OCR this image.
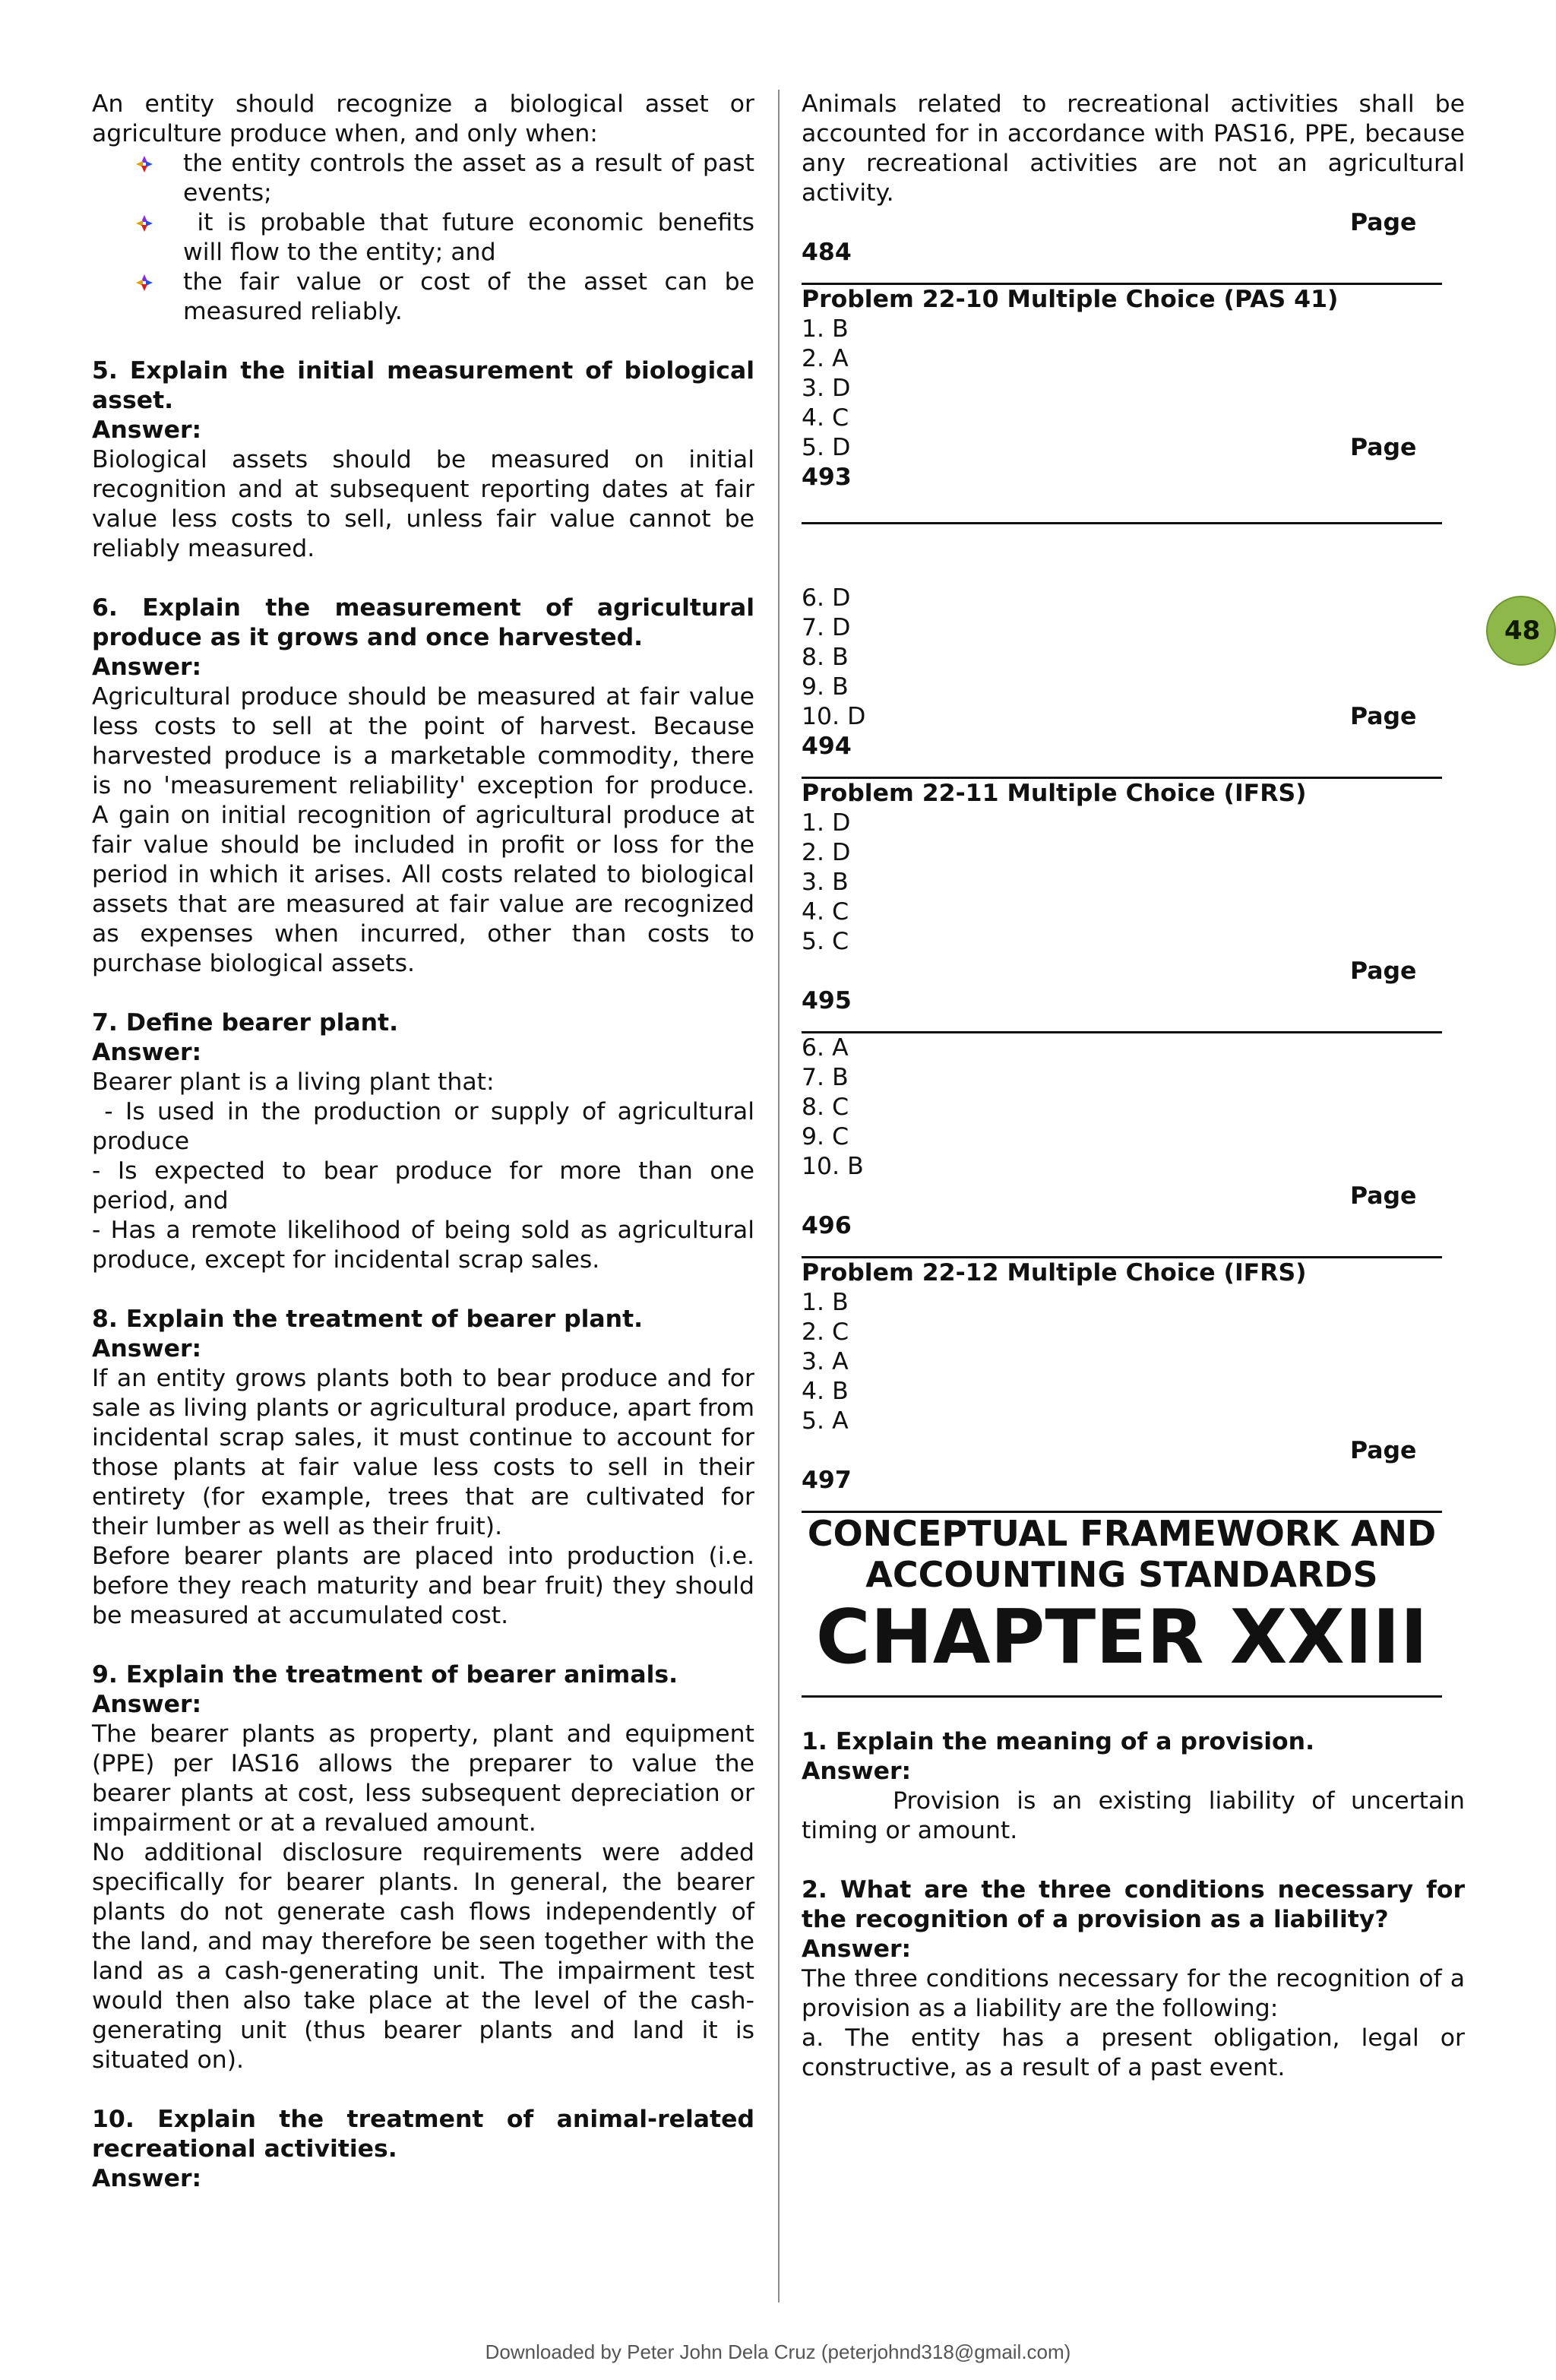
An entity should recognize a biological asset or agriculture produce when, and only when:

the entity controls the asset as a result of past events;
it is probable that future economic benefits will flow to the entity; and
the fair value or cost of the asset can be measured reliably.

5. Explain the initial measurement of biological asset.

Answer:

Biological assets should be measured on initial recognition and at subsequent reporting dates at fair value less costs to sell, unless fair value cannot be reliably measured.

6. Explain the measurement of agricultural produce as it grows and once harvested.

Answer:

Agricultural produce should be measured at fair value less costs to sell at the point of harvest. Because harvested produce is a marketable commodity, there is no 'measurement reliability' exception for produce. A gain on initial recognition of agricultural produce at fair value should be included in profit or loss for the period in which it arises. All costs related to biological assets that are measured at fair value are recognized as expenses when incurred, other than costs to purchase biological assets.

7. Define bearer plant.

Answer:

Bearer plant is a living plant that:

- Is used in the production or supply of agricultural produce

- Is expected to bear produce for more than one period, and

- Has a remote likelihood of being sold as agricultural produce, except for incidental scrap sales.

8. Explain the treatment of bearer plant.

Answer:

If an entity grows plants both to bear produce and for sale as living plants or agricultural produce, apart from incidental scrap sales, it must continue to account for those plants at fair value less costs to sell in their entirety (for example, trees that are cultivated for their lumber as well as their fruit).

Before bearer plants are placed into production (i.e. before they reach maturity and bear fruit) they should be measured at accumulated cost.

9. Explain the treatment of bearer animals.

Answer:

The bearer plants as property, plant and equipment (PPE) per IAS16 allows the preparer to value the bearer plants at cost, less subsequent depreciation or impairment or at a revalued amount.

No additional disclosure requirements were added specifically for bearer plants. In general, the bearer plants do not generate cash flows independently of the land, and may therefore be seen together with the land as a cash-generating unit. The impairment test would then also take place at the level of the cash-generating unit (thus bearer plants and land it is situated on).

10. Explain the treatment of animal-related recreational activities.

Answer:

Animals related to recreational activities shall be accounted for in accordance with PAS16, PPE, because any recreational activities are not an agricultural activity.

Page

484

Problem 22-10 Multiple Choice (PAS 41)

1. B

2. A

3. D

4. C

5. D	Page

493

6. D

7. D

8. B

9. B

10. D	Page

494

Problem 22-11 Multiple Choice (IFRS)

1. D

2. D

3. B

4. C

5. C

Page

495

6. A

7. B

8. C

9. C

10. B

Page

496

Problem 22-12 Multiple Choice (IFRS)

1. B

2. C

3. A

4. B

5. A

Page

497

CONCEPTUAL FRAMEWORK AND
ACCOUNTING STANDARDS
CHAPTER XXIII

1. Explain the meaning of a provision.

Answer:

Provision is an existing liability of uncertain timing or amount.

2. What are the three conditions necessary for the recognition of a provision as a liability?

Answer:

The three conditions necessary for the recognition of a provision as a liability are the following:

a. The entity has a present obligation, legal or constructive, as a result of a past event.

48
Downloaded by Peter John Dela Cruz (peterjohnd318@gmail.com)
